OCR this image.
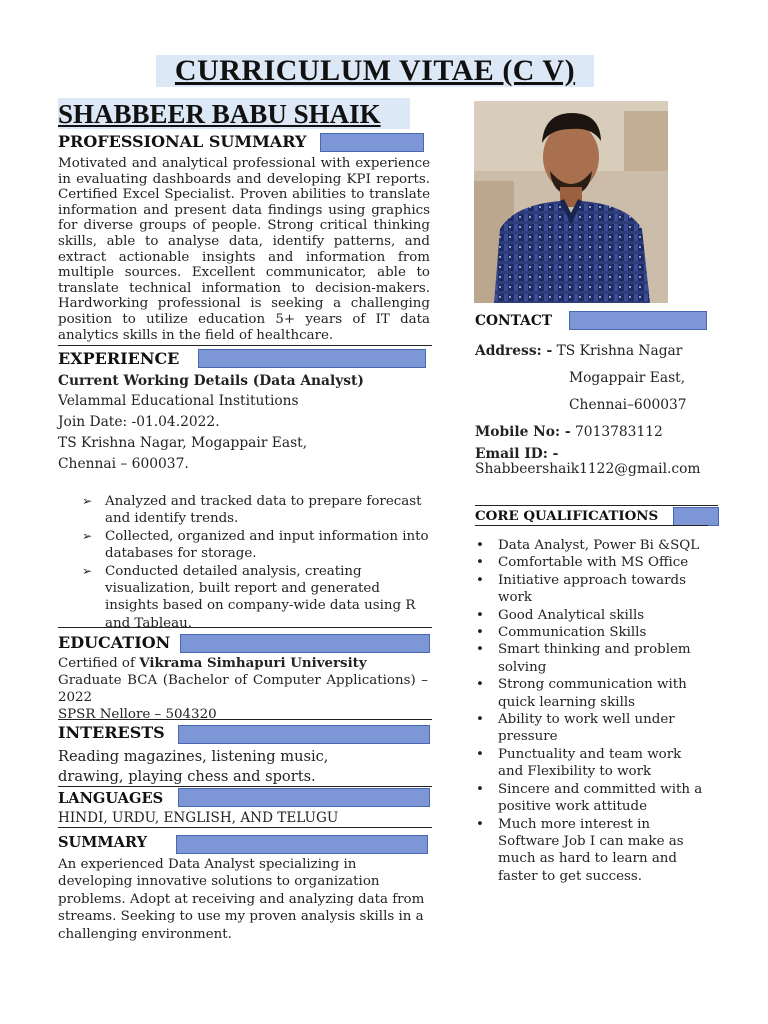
CURRICULUM VITAE (C V)
SHABBEER BABU SHAIK
PROFESSIONAL SUMMARY
Motivated and analytical professional with experience in evaluating dashboards and developing KPI reports. Certified Excel Specialist. Proven abilities to translate information and present data findings using graphics for diverse groups of people. Strong critical thinking skills, able to analyse data, identify patterns, and extract actionable insights and information from multiple sources. Excellent communicator, able to translate technical information to decision-makers. Hardworking professional is seeking a challenging position to utilize education 5+ years of IT data analytics skills in the field of healthcare.
EXPERIENCE
Current Working Details (Data Analyst)
Velammal Educational Institutions
Join Date: -01.04.2022.
TS Krishna Nagar, Mogappair East,
Chennai – 600037.
➢ Analyzed and tracked data to prepare forecast and identify trends.
➢ Collected, organized and input information into databases for storage.
➢ Conducted detailed analysis, creating visualization, built report and generated insights based on company-wide data using R and Tableau.
EDUCATION
Certified of Vikrama Simhapuri University
Graduate BCA (Bachelor of Computer Applications) – 2022
SPSR Nellore – 504320
INTERESTS
Reading magazines, listening music, drawing, playing chess and sports.
LANGUAGES
HINDI, URDU, ENGLISH, AND TELUGU
SUMMARY
An experienced Data Analyst specializing in developing innovative solutions to organization problems. Adopt at receiving and analyzing data from streams. Seeking to use my proven analysis skills in a challenging environment.
CONTACT
Address: - TS Krishna Nagar
Mogappair East,
Chennai–600037
Mobile No: - 7013783112
Email ID: -
Shabbeershaik1122@gmail.com
CORE QUALIFICATIONS
• Data Analyst, Power Bi &SQL
• Comfortable with MS Office
• Initiative approach towards work
• Good Analytical skills
• Communication Skills
• Smart thinking and problem solving
• Strong communication with quick learning skills
• Ability to work well under pressure
• Punctuality and team work and Flexibility to work
• Sincere and committed with a positive work attitude
• Much more interest in Software Job I can make as much as hard to learn and faster to get success.
